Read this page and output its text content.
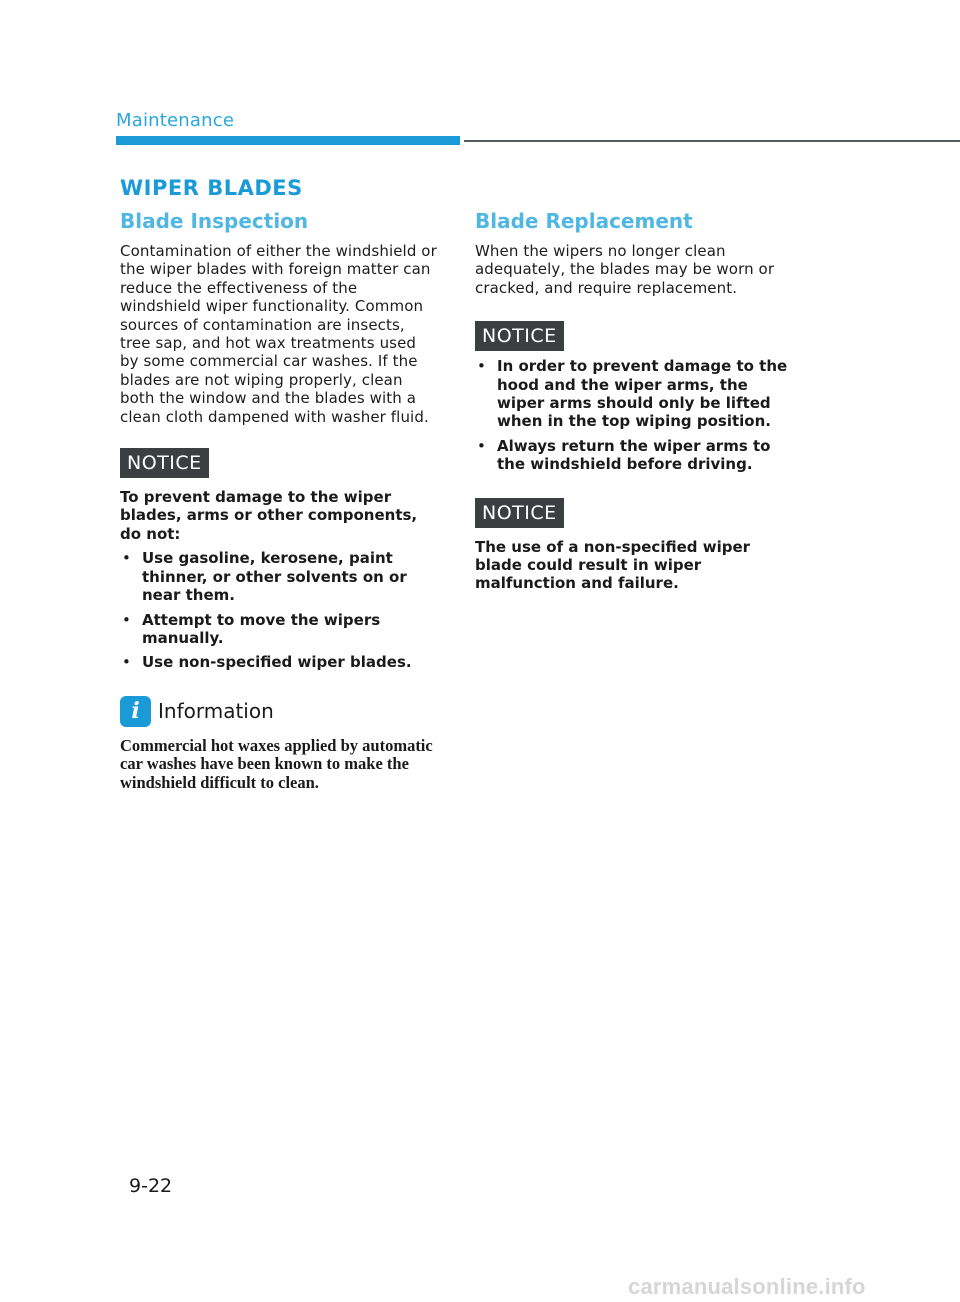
Maintenance
WIPER BLADES
Blade Inspection

Contamination of either the windshield or the wiper blades with foreign matter can reduce the effectiveness of the windshield wiper functionality. Common sources of contamination are insects, tree sap, and hot wax treatments used by some commercial car washes. If the blades are not wiping properly, clean both the window and the blades with a clean cloth dampened with washer fluid.

NOTICE

To prevent damage to the wiper blades, arms or other components, do not:

• Use gasoline, kerosene, paint thinner, or other solvents on or near them.
• Attempt to move the wipers manually.
• Use non-specified wiper blades.
i Information

Commercial hot waxes applied by automatic car washes have been known to make the windshield difficult to clean.

Blade Replacement

When the wipers no longer clean adequately, the blades may be worn or cracked, and require replacement.

NOTICE
• In order to prevent damage to the hood and the wiper arms, the wiper arms should only be lifted when in the top wiping position.
• Always return the wiper arms to the windshield before driving.
NOTICE

The use of a non-specified wiper blade could result in wiper malfunction and failure.

9-22
carmanualsonline.info
